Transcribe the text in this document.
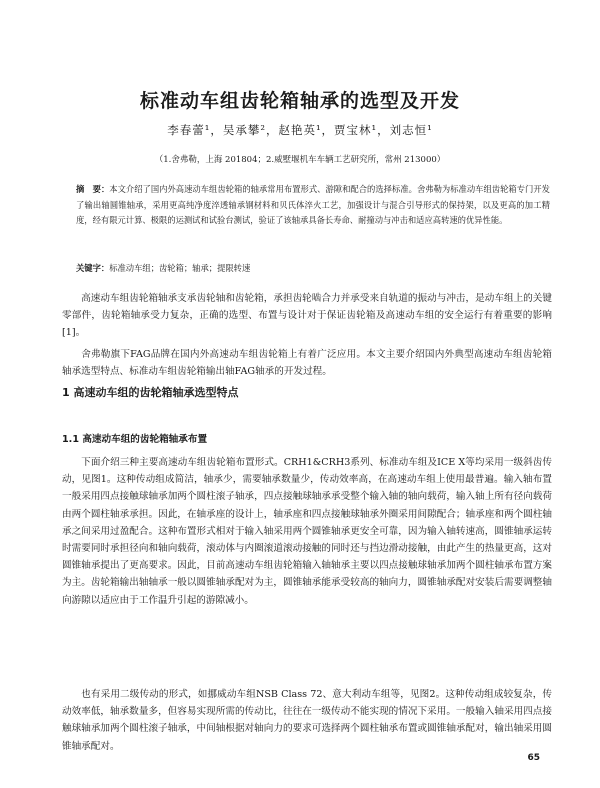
标准动车组齿轮箱轴承的选型及开发
李春蕾¹，吴承攀²，赵艳英¹，贾宝林¹，刘志恒¹
（1.舍弗勒，上海 201804；2.威墅堰机车车辆工艺研究所，常州 213000）
摘　要：本文介绍了国内外高速动车组齿轮箱的轴承常用布置形式、游隙和配合的选择标准。舍弗勒为标准动车组齿轮箱专门开发了输出轴圆锥轴承，采用更高纯净度淬透轴承钢材料和贝氏体淬火工艺，加强设计与混合引导形式的保持架，以及更高的加工精度，经有限元计算、极限的运测试和试验台测试，验证了该轴承具备长寿命、耐撞动与冲击和适应高转速的优异性能。
关键字：标准动车组；齿轮箱；轴承；提限转速
高速动车组齿轮箱轴承支承齿轮轴和齿轮箱，承担齿轮啮合力并承受来自轨道的振动与冲击，是动车组上的关键零部件，齿轮箱轴承受力复杂，正确的选型、布置与设计对于保证齿轮箱及高速动车组的安全运行有着重要的影响[1]。
舍弗勒旗下FAG品牌在国内外高速动车组齿轮箱上有着广泛应用。本文主要介绍国内外典型高速动车组齿轮箱轴承选型特点、标准动车组齿轮箱输出轴FAG轴承的开发过程。
1 高速动车组的齿轮箱轴承选型特点
1.1 高速动车组的齿轮箱轴承布置
下面介绍三种主要高速动车组齿轮箱布置形式。CRH1&CRH3系列、标准动车组及ICE X等均采用一级斜齿传动，见图1。这种传动组成简洁，轴承少，需要轴承数量少，传动效率高，在高速动车组上使用最普遍。输入轴布置一般采用四点接触球轴承加两个圆柱滚子轴承，四点接触球轴承承受整个输入轴的轴向载荷，输入轴上所有径向载荷由两个圆柱轴承承担。因此，在轴承座的设计上，轴承座和四点接触球轴承外圈采用间隙配合；轴承座和两个圆柱轴承之间采用过盈配合。这种布置形式相对于输入轴采用两个圆锥轴承更安全可靠，因为输入轴转速高，圆锥轴承运转时需要同时承担径向和轴向载荷，滚动体与内圈滚道滚动接触的同时还与挡边滑动接触，由此产生的热量更高，这对圆锥轴承提出了更高要求。因此，目前高速动车组齿轮箱输入轴轴承主要以四点接触球轴承加两个圆柱轴承布置方案为主。齿轮箱输出轴轴承一般以圆锥轴承配对为主，圆锥轴承能承受较高的轴向力，圆锥轴承配对安装后需要调整轴向游隙以适应由于工作温升引起的游隙减小。
也有采用二级传动的形式，如挪威动车组NSB Class 72、意大利动车组等，见图2。这种传动组成较复杂，传动效率低，轴承数量多，但容易实现所需的传动比，往往在一级传动不能实现的情况下采用。一般输入轴采用四点接触球轴承加两个圆柱滚子轴承，中间轴根据对轴向力的要求可选择两个圆柱轴承布置或圆锥轴承配对，输出轴采用圆锥轴承配对。
65
